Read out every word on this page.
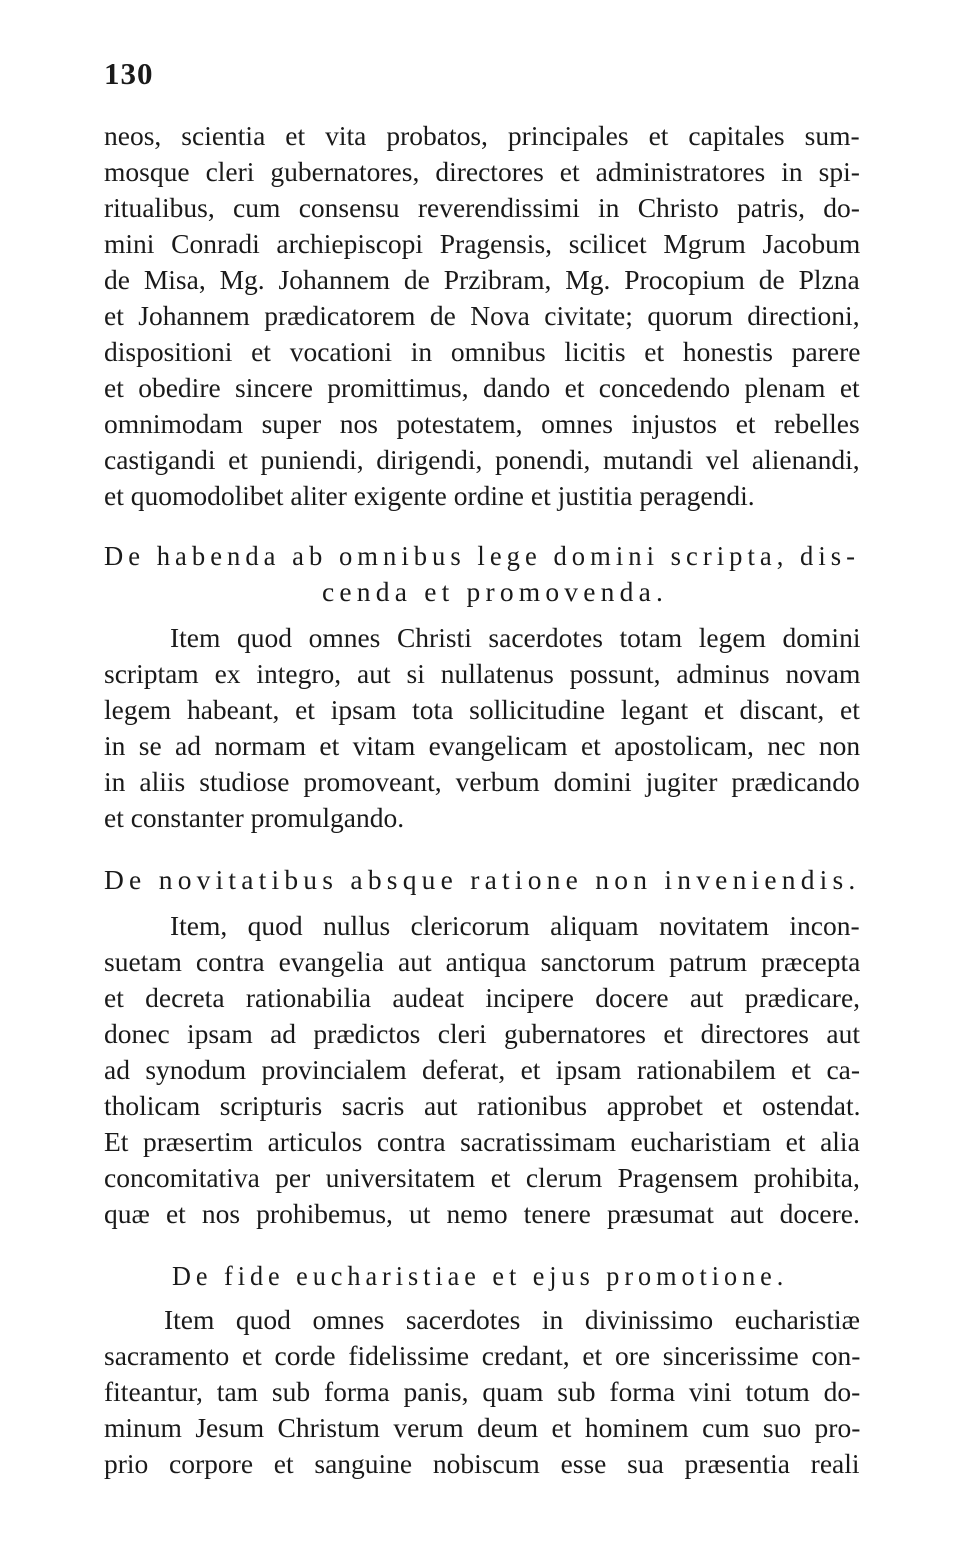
130
neos, scientia et vita probatos, principales et capitales sum-
mosque cleri gubernatores, directores et administratores in spi-
ritualibus, cum consensu reverendissimi in Christo patris, do-
mini Conradi archiepiscopi Pragensis, scilicet Mgrum Jacobum
de Misa, Mg. Johannem de Przibram, Mg. Procopium de Plzna
et Johannem prædicatorem de Nova civitate; quorum directioni,
dispositioni et vocationi in omnibus licitis et honestis parere
et obedire sincere promittimus, dando et concedendo plenam et
omnimodam super nos potestatem, omnes injustos et rebelles
castigandi et puniendi, dirigendi, ponendi, mutandi vel alienandi,
et quomodolibet aliter exigente ordine et justitia peragendi.
De habenda ab omnibus lege domini scripta, dis-
cenda et promovenda.
Item quod omnes Christi sacerdotes totam legem domini
scriptam ex integro, aut si nullatenus possunt, adminus novam
legem habeant, et ipsam tota sollicitudine legant et discant, et
in se ad normam et vitam evangelicam et apostolicam, nec non
in aliis studiose promoveant, verbum domini jugiter prædicando
et constanter promulgando.
De novitatibus absque ratione non inveniendis.
Item, quod nullus clericorum aliquam novitatem incon-
suetam contra evangelia aut antiqua sanctorum patrum præcepta
et decreta rationabilia audeat incipere docere aut prædicare,
donec ipsam ad prædictos cleri gubernatores et directores aut
ad synodum provincialem deferat, et ipsam rationabilem et ca-
tholicam scripturis sacris aut rationibus approbet et ostendat.
Et præsertim articulos contra sacratissimam eucharistiam et alia
concomitativa per universitatem et clerum Pragensem prohibita,
quæ et nos prohibemus, ut nemo tenere præsumat aut docere.
De fide eucharistiae et ejus promotione.
Item quod omnes sacerdotes in divinissimo eucharistiæ
sacramento et corde fidelissime credant, et ore sincerissime con-
fiteantur, tam sub forma panis, quam sub forma vini totum do-
minum Jesum Christum verum deum et hominem cum suo pro-
prio corpore et sanguine nobiscum esse sua præsentia reali
